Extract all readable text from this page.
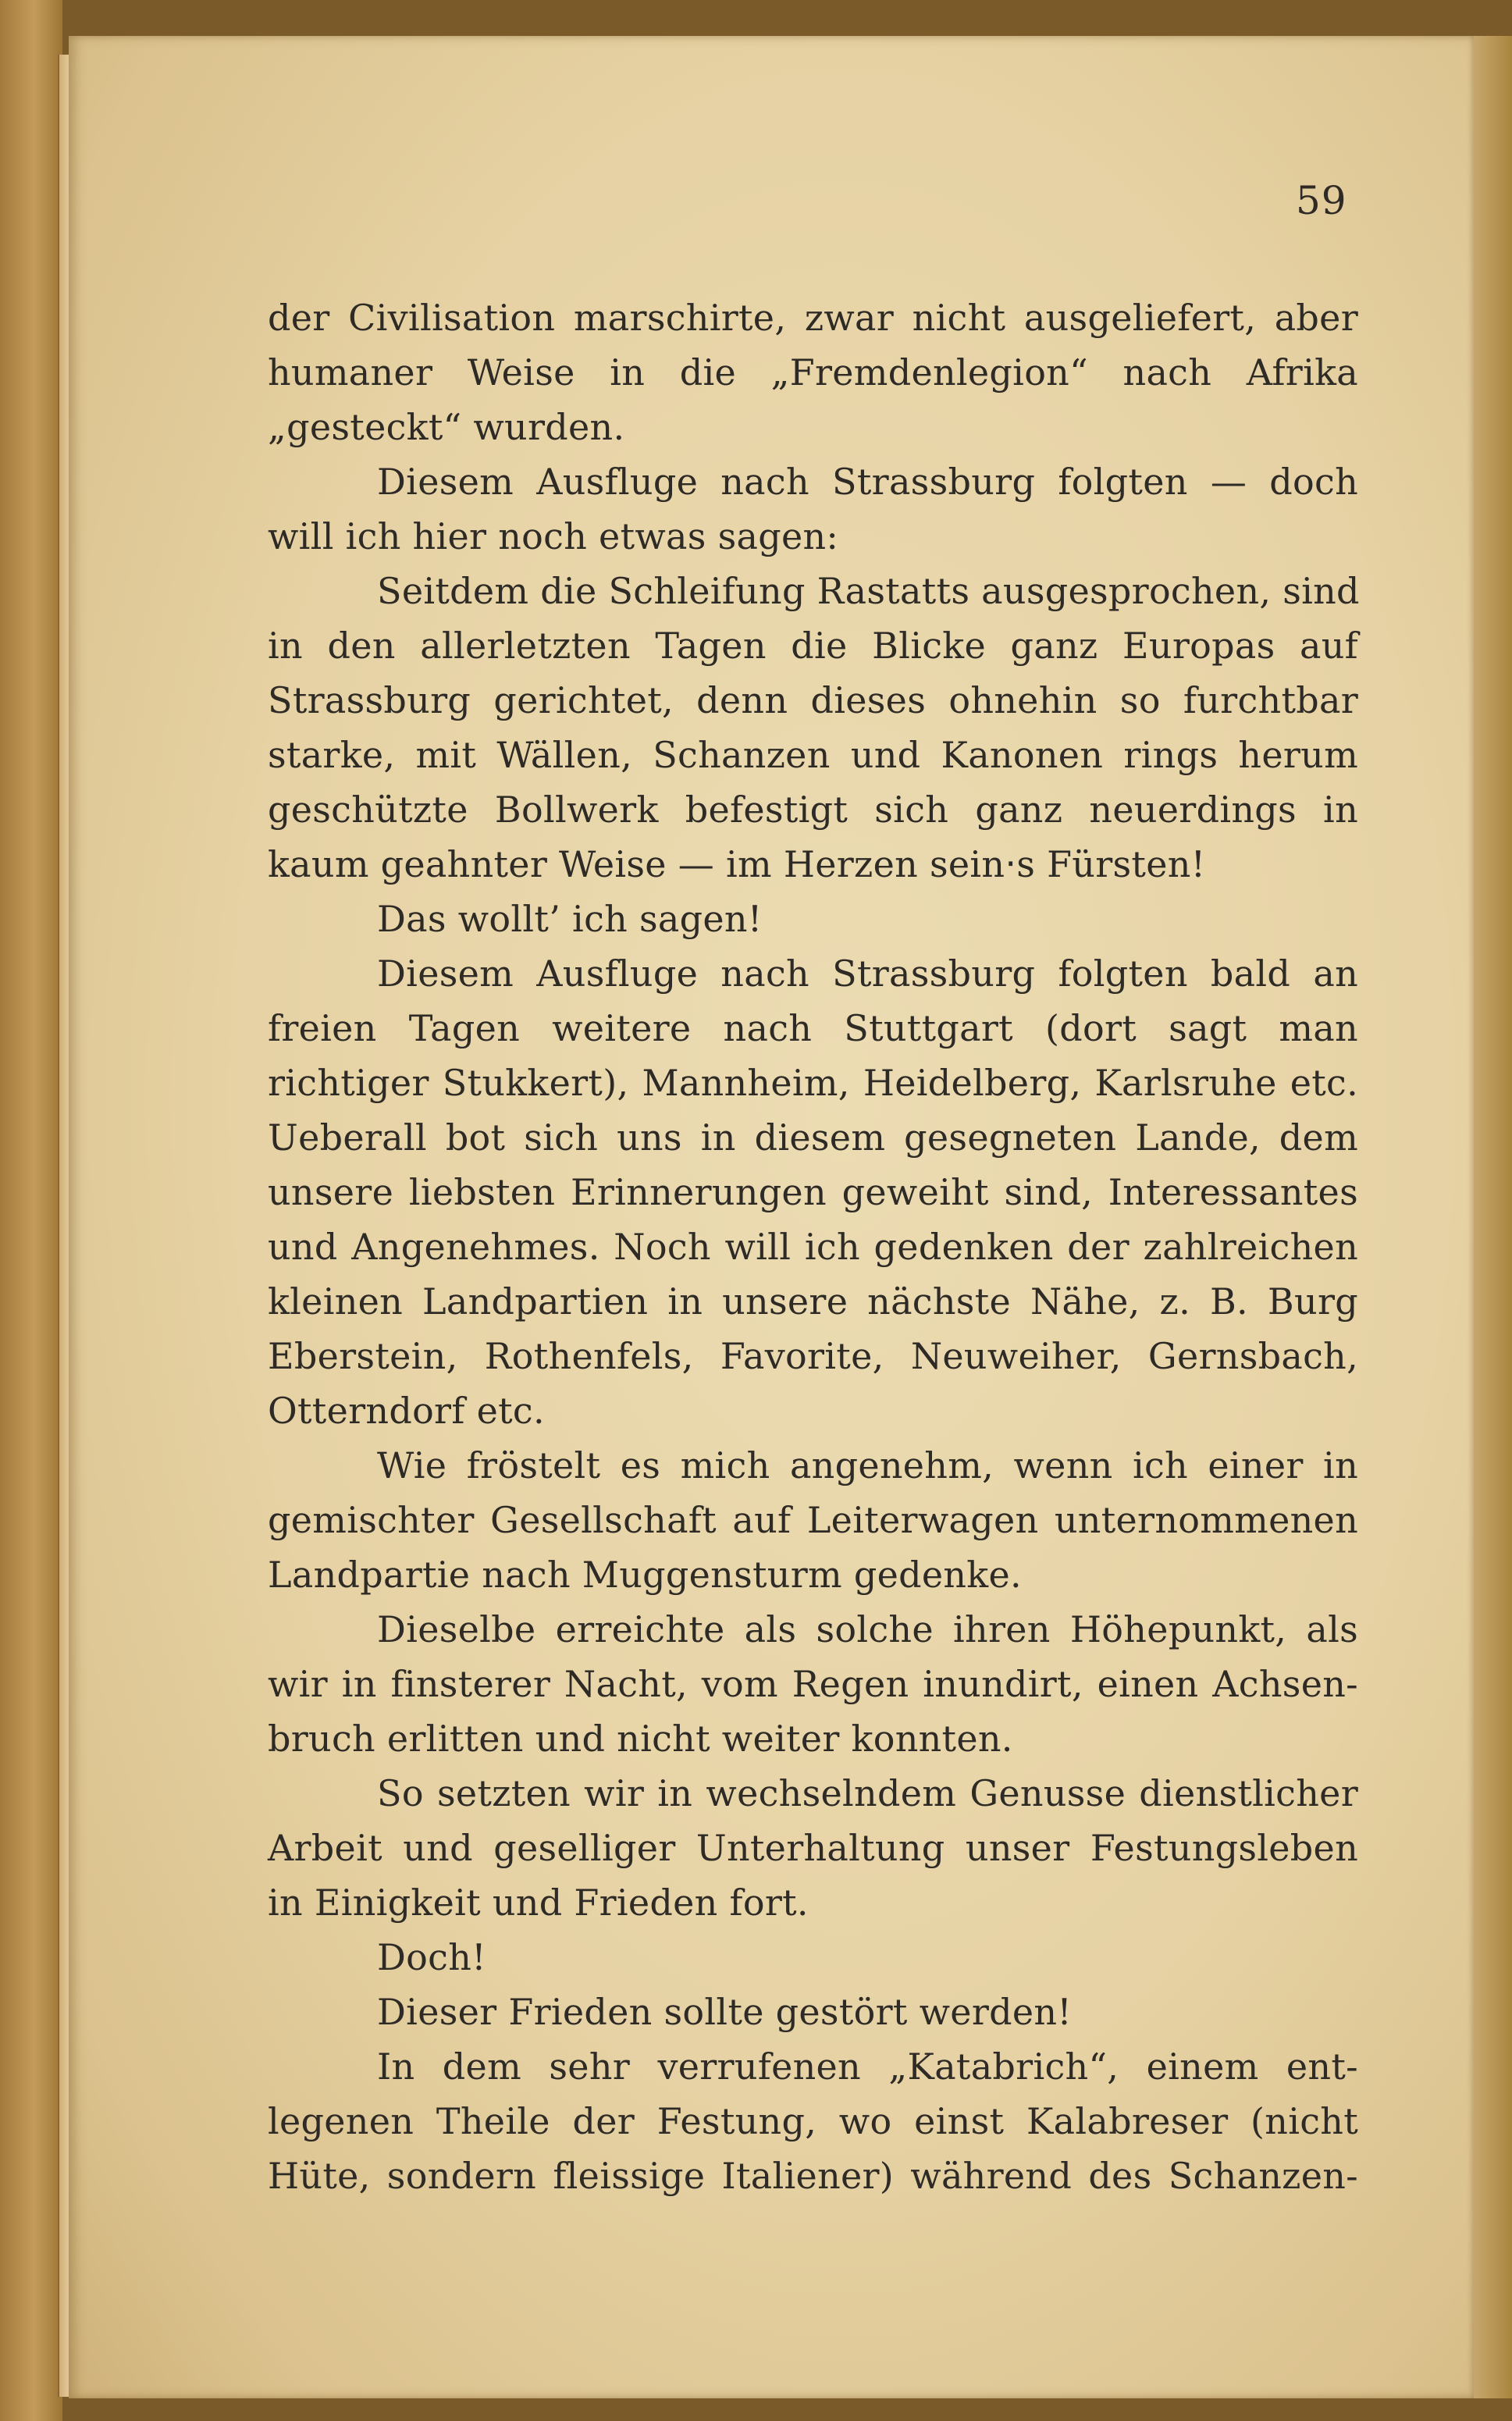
59
der Civilisation marschirte, zwar nicht ausgeliefert, aber
humaner Weise in die „Fremdenlegion“ nach Afrika
„gesteckt“ wurden.
Diesem Ausfluge nach Strassburg folgten — doch
will ich hier noch etwas sagen:
Seitdem die Schleifung Rastatts ausgesprochen, sind
in den allerletzten Tagen die Blicke ganz Europas auf
Strassburg gerichtet, denn dieses ohnehin so furchtbar
starke, mit Wällen, Schanzen und Kanonen rings herum
geschützte Bollwerk befestigt sich ganz neuerdings in
kaum geahnter Weise — im Herzen sein‧s Fürsten!
Das wollt’ ich sagen!
Diesem Ausfluge nach Strassburg folgten bald an
freien Tagen weitere nach Stuttgart (dort sagt man
richtiger Stukkert), Mannheim, Heidelberg, Karlsruhe etc.
Ueberall bot sich uns in diesem gesegneten Lande, dem
unsere liebsten Erinnerungen geweiht sind, Interessantes
und Angenehmes. Noch will ich gedenken der zahlreichen
kleinen Landpartien in unsere nächste Nähe, z. B. Burg
Eberstein, Rothenfels, Favorite, Neuweiher, Gernsbach,
Otterndorf etc.
Wie fröstelt es mich angenehm, wenn ich einer in
gemischter Gesellschaft auf Leiterwagen unternommenen
Landpartie nach Muggensturm gedenke.
Dieselbe erreichte als solche ihren Höhepunkt, als
wir in finsterer Nacht, vom Regen inundirt, einen Achsen-
bruch erlitten und nicht weiter konnten.
So setzten wir in wechselndem Genusse dienstlicher
Arbeit und geselliger Unterhaltung unser Festungsleben
in Einigkeit und Frieden fort.
Doch!
Dieser Frieden sollte gestört werden!
In dem sehr verrufenen „Katabrich“, einem ent-
legenen Theile der Festung, wo einst Kalabreser (nicht
Hüte, sondern fleissige Italiener) während des Schanzen-
